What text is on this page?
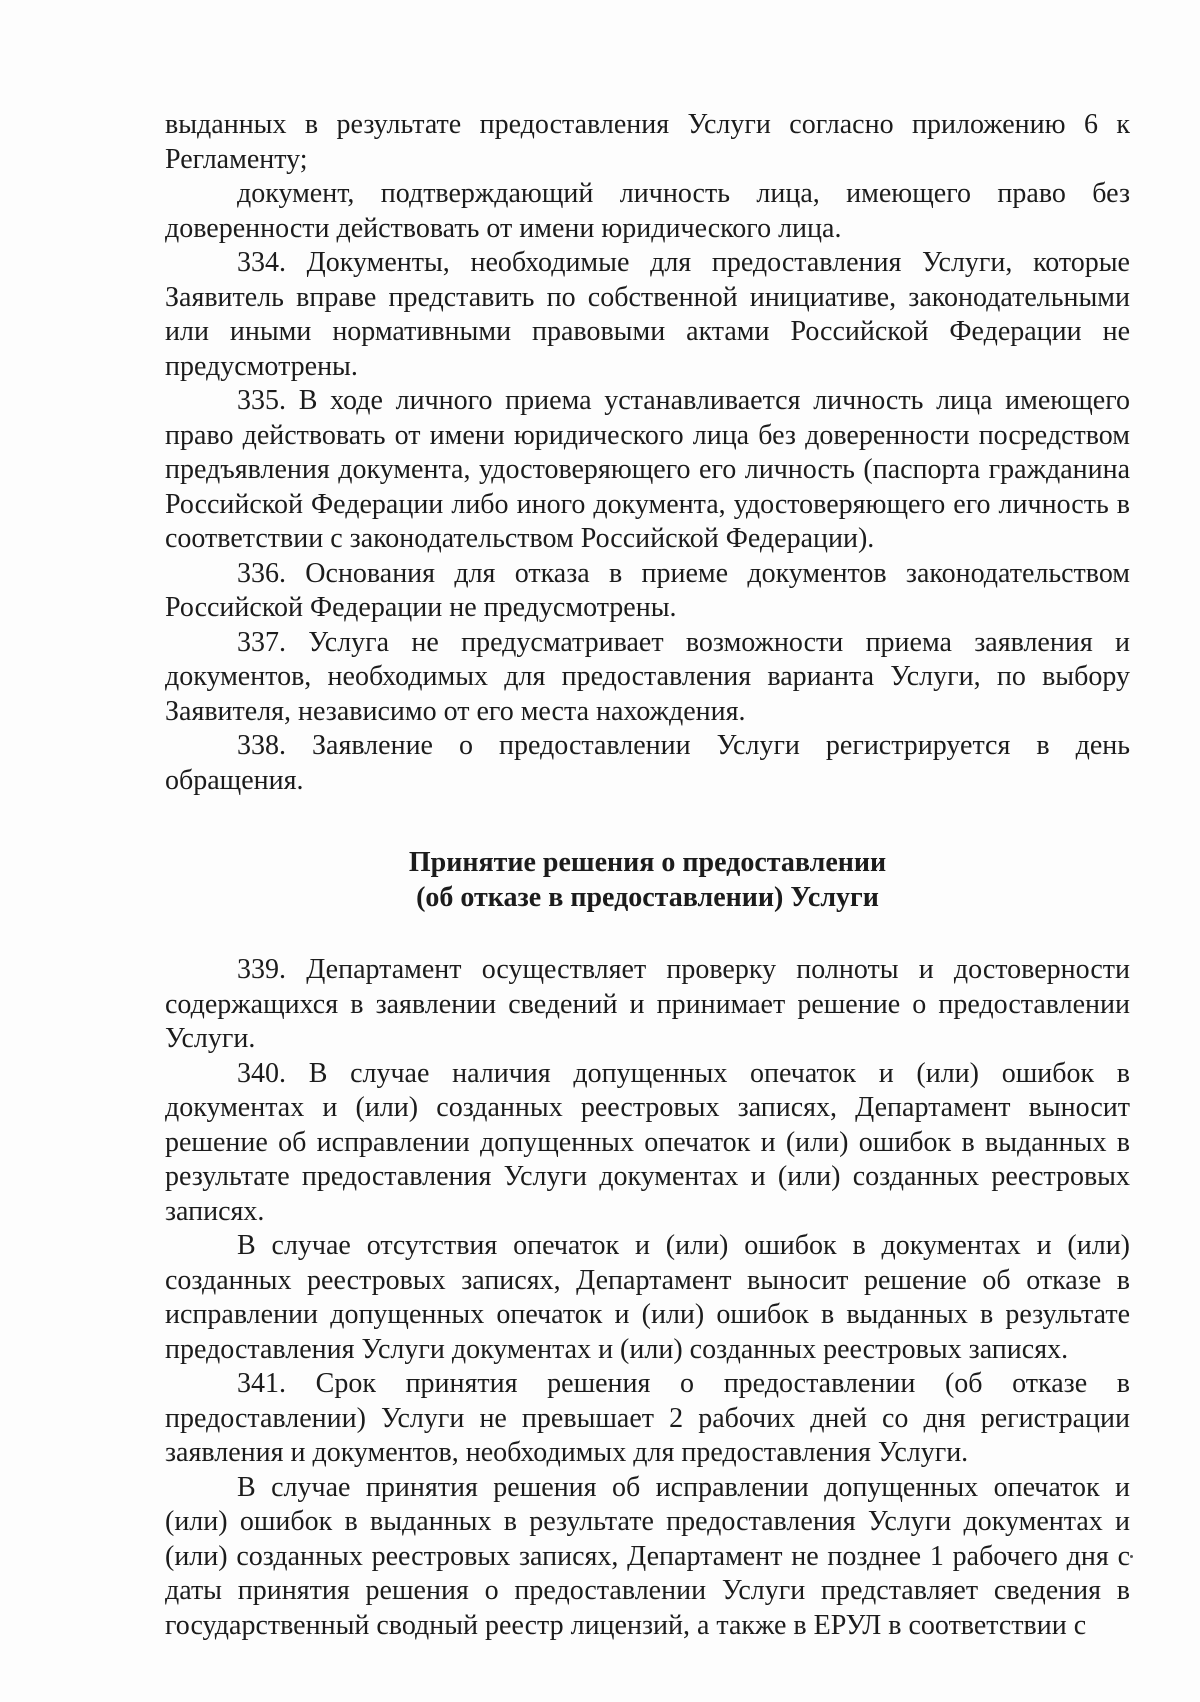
выданных в результате предоставления Услуги согласно приложению 6 к Регламенту;

документ, подтверждающий личность лица, имеющего право без доверенности действовать от имени юридического лица.

334. Документы, необходимые для предоставления Услуги, которые Заявитель вправе представить по собственной инициативе, законодательными или иными нормативными правовыми актами Российской Федерации не предусмотрены.

335. В ходе личного приема устанавливается личность лица имеющего право действовать от имени юридического лица без доверенности посредством предъявления документа, удостоверяющего его личность (паспорта гражданина Российской Федерации либо иного документа, удостоверяющего его личность в соответствии с законодательством Российской Федерации).

336. Основания для отказа в приеме документов законодательством Российской Федерации не предусмотрены.

337. Услуга не предусматривает возможности приема заявления и документов, необходимых для предоставления варианта Услуги, по выбору Заявителя, независимо от его места нахождения.

338. Заявление о предоставлении Услуги регистрируется в день обращения.

Принятие решения о предоставлении
(об отказе в предоставлении) Услуги

339. Департамент осуществляет проверку полноты и достоверности содержащихся в заявлении сведений и принимает решение о предоставлении Услуги.

340. В случае наличия допущенных опечаток и (или) ошибок в документах и (или) созданных реестровых записях, Департамент выносит решение об исправлении допущенных опечаток и (или) ошибок в выданных в результате предоставления Услуги документах и (или) созданных реестровых записях.

В случае отсутствия опечаток и (или) ошибок в документах и (или) созданных реестровых записях, Департамент выносит решение об отказе в исправлении допущенных опечаток и (или) ошибок в выданных в результате предоставления Услуги документах и (или) созданных реестровых записях.

341. Срок принятия решения о предоставлении (об отказе в предоставлении) Услуги не превышает 2 рабочих дней со дня регистрации заявления и документов, необходимых для предоставления Услуги.

В случае принятия решения об исправлении допущенных опечаток и (или) ошибок в выданных в результате предоставления Услуги документах и (или) созданных реестровых записях, Департамент не позднее 1 рабочего дня с даты принятия решения о предоставлении Услуги представляет сведения в государственный сводный реестр лицензий, а также в ЕРУЛ в соответствии с
